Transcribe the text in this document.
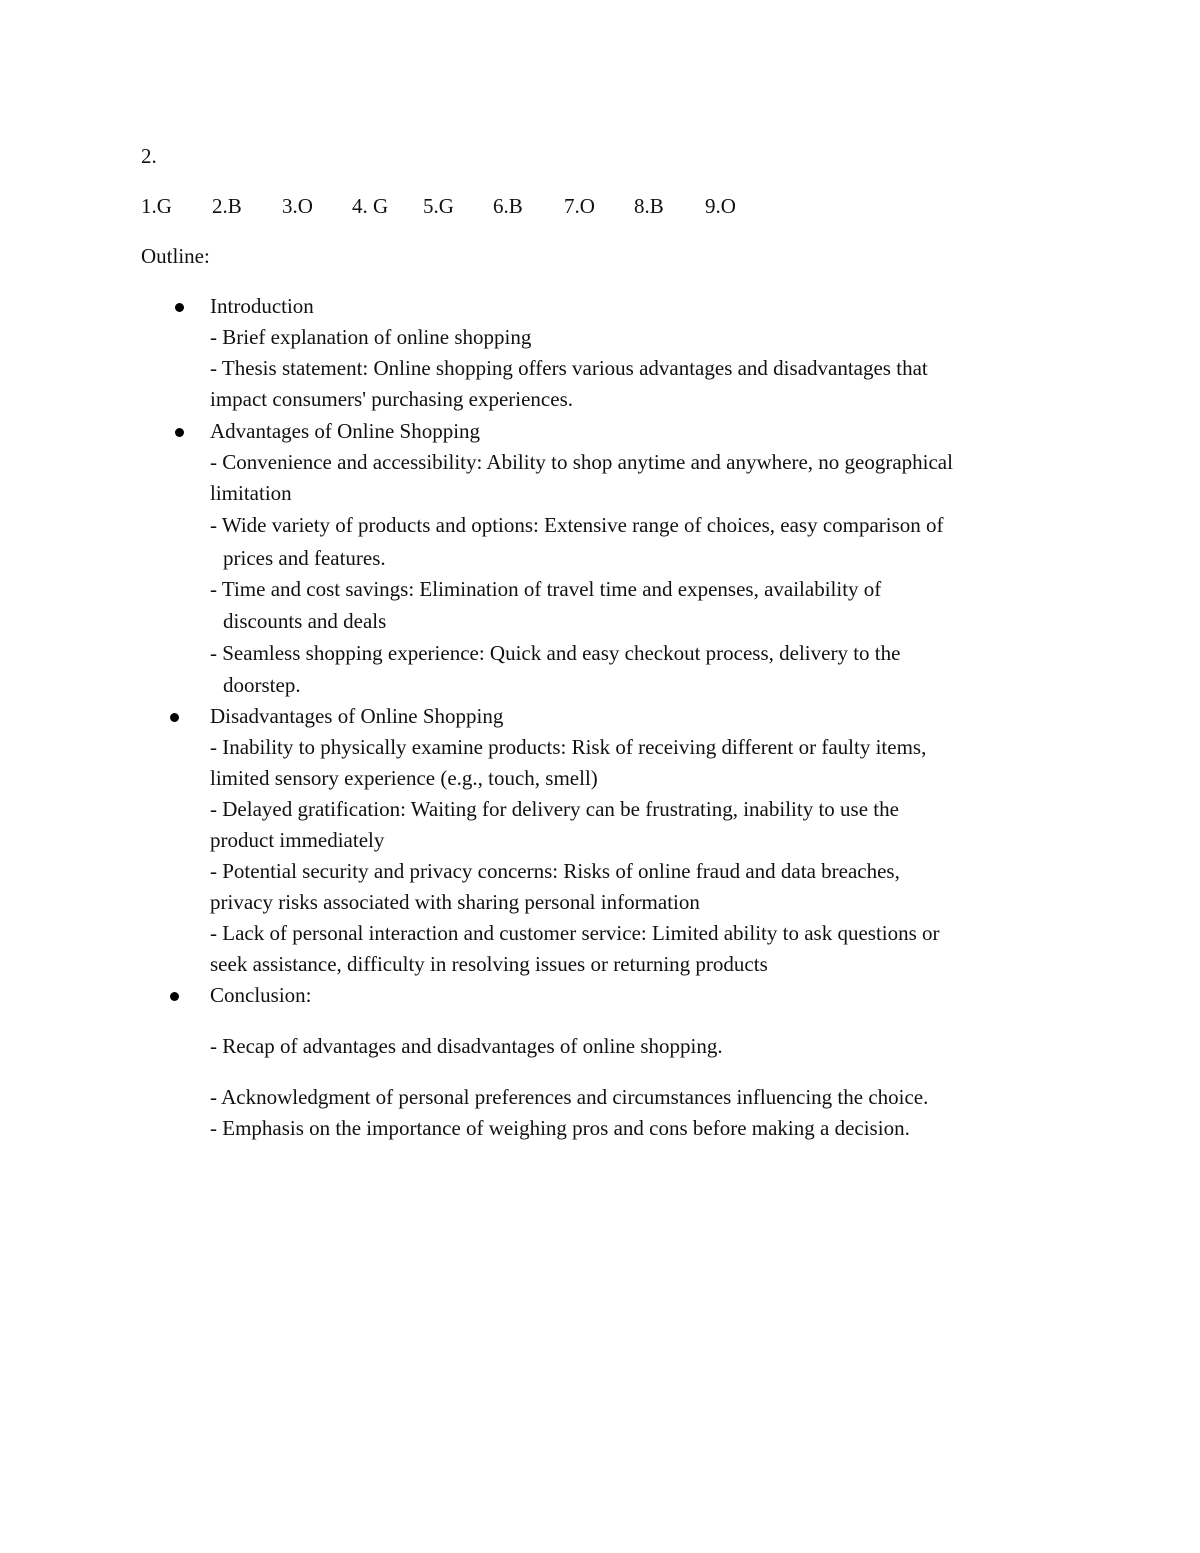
2.
1.G 2.B 3.O 4. G 5.G 6.B 7.O 8.B 9.O
Outline:
Introduction
- Brief explanation of online shopping
- Thesis statement: Online shopping offers various advantages and disadvantages that
impact consumers' purchasing experiences.
Advantages of Online Shopping
- Convenience and accessibility: Ability to shop anytime and anywhere, no geographical
limitation
- Wide variety of products and options: Extensive range of choices, easy comparison of
prices and features.
- Time and cost savings: Elimination of travel time and expenses, availability of
discounts and deals
- Seamless shopping experience: Quick and easy checkout process, delivery to the
doorstep.
Disadvantages of Online Shopping
- Inability to physically examine products: Risk of receiving different or faulty items,
limited sensory experience (e.g., touch, smell)
- Delayed gratification: Waiting for delivery can be frustrating, inability to use the
product immediately
- Potential security and privacy concerns: Risks of online fraud and data breaches,
privacy risks associated with sharing personal information
- Lack of personal interaction and customer service: Limited ability to ask questions or
seek assistance, difficulty in resolving issues or returning products
Conclusion:
- Recap of advantages and disadvantages of online shopping.
- Acknowledgment of personal preferences and circumstances influencing the choice.
- Emphasis on the importance of weighing pros and cons before making a decision.
